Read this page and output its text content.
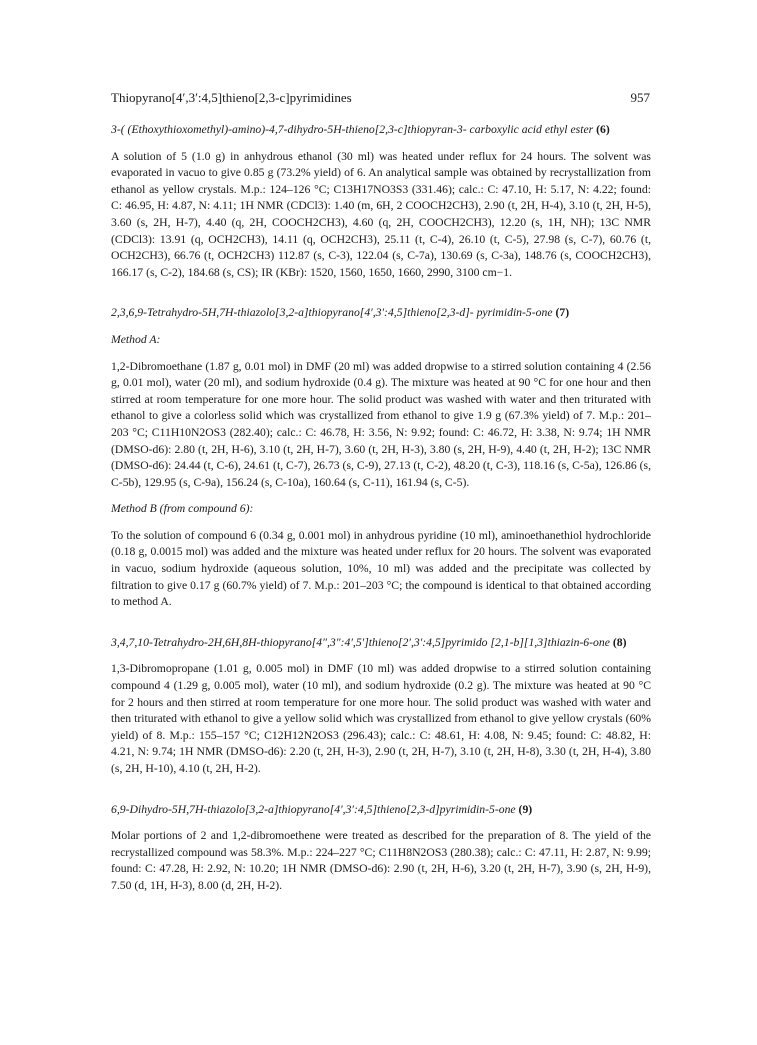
Thiopyrano[4′,3′:4,5]thieno[2,3-c]pyrimidines	957

3-( (Ethoxythioxomethyl)-amino)-4,7-dihydro-5H-thieno[2,3-c]thiopyran-3- carboxylic acid ethyl ester (6)

A solution of 5 (1.0 g) in anhydrous ethanol (30 ml) was heated under reflux for 24 hours. The solvent was evaporated in vacuo to give 0.85 g (73.2% yield) of 6. An analytical sample was obtained by recrystallization from ethanol as yellow crystals. M.p.: 124–126 °C; C13H17NO3S3 (331.46); calc.: C: 47.10, H: 5.17, N: 4.22; found: C: 46.95, H: 4.87, N: 4.11; 1H NMR (CDCl3): 1.40 (m, 6H, 2 COOCH2CH3), 2.90 (t, 2H, H-4), 3.10 (t, 2H, H-5), 3.60 (s, 2H, H-7), 4.40 (q, 2H, COOCH2CH3), 4.60 (q, 2H, COOCH2CH3), 12.20 (s, 1H, NH); 13C NMR (CDCl3): 13.91 (q, OCH2CH3), 14.11 (q, OCH2CH3), 25.11 (t, C-4), 26.10 (t, C-5), 27.98 (s, C-7), 60.76 (t, OCH2CH3), 66.76 (t, OCH2CH3) 112.87 (s, C-3), 122.04 (s, C-7a), 130.69 (s, C-3a), 148.76 (s, COOCH2CH3), 166.17 (s, C-2), 184.68 (s, CS); IR (KBr): 1520, 1560, 1650, 1660, 2990, 3100 cm−1.

2,3,6,9-Tetrahydro-5H,7H-thiazolo[3,2-a]thiopyrano[4′,3′:4,5]thieno[2,3-d]- pyrimidin-5-one (7)

Method A:

1,2-Dibromoethane (1.87 g, 0.01 mol) in DMF (20 ml) was added dropwise to a stirred solution containing 4 (2.56 g, 0.01 mol), water (20 ml), and sodium hydroxide (0.4 g). The mixture was heated at 90 °C for one hour and then stirred at room temperature for one more hour. The solid product was washed with water and then triturated with ethanol to give a colorless solid which was crystallized from ethanol to give 1.9 g (67.3% yield) of 7. M.p.: 201–203 °C; C11H10N2OS3 (282.40); calc.: C: 46.78, H: 3.56, N: 9.92; found: C: 46.72, H: 3.38, N: 9.74; 1H NMR (DMSO-d6): 2.80 (t, 2H, H-6), 3.10 (t, 2H, H-7), 3.60 (t, 2H, H-3), 3.80 (s, 2H, H-9), 4.40 (t, 2H, H-2); 13C NMR (DMSO-d6): 24.44 (t, C-6), 24.61 (t, C-7), 26.73 (s, C-9), 27.13 (t, C-2), 48.20 (t, C-3), 118.16 (s, C-5a), 126.86 (s, C-5b), 129.95 (s, C-9a), 156.24 (s, C-10a), 160.64 (s, C-11), 161.94 (s, C-5).

Method B (from compound 6):

To the solution of compound 6 (0.34 g, 0.001 mol) in anhydrous pyridine (10 ml), aminoethanethiol hydrochloride (0.18 g, 0.0015 mol) was added and the mixture was heated under reflux for 20 hours. The solvent was evaporated in vacuo, sodium hydroxide (aqueous solution, 10%, 10 ml) was added and the precipitate was collected by filtration to give 0.17 g (60.7% yield) of 7. M.p.: 201–203 °C; the compound is identical to that obtained according to method A.

3,4,7,10-Tetrahydro-2H,6H,8H-thiopyrano[4″,3″:4′,5′]thieno[2′,3′:4,5]pyrimido [2,1-b][1,3]thiazin-6-one (8)

1,3-Dibromopropane (1.01 g, 0.005 mol) in DMF (10 ml) was added dropwise to a stirred solution containing compound 4 (1.29 g, 0.005 mol), water (10 ml), and sodium hydroxide (0.2 g). The mixture was heated at 90 °C for 2 hours and then stirred at room temperature for one more hour. The solid product was washed with water and then triturated with ethanol to give a yellow solid which was crystallized from ethanol to give yellow crystals (60% yield) of 8. M.p.: 155–157 °C; C12H12N2OS3 (296.43); calc.: C: 48.61, H: 4.08, N: 9.45; found: C: 48.82, H: 4.21, N: 9.74; 1H NMR (DMSO-d6): 2.20 (t, 2H, H-3), 2.90 (t, 2H, H-7), 3.10 (t, 2H, H-8), 3.30 (t, 2H, H-4), 3.80 (s, 2H, H-10), 4.10 (t, 2H, H-2).

6,9-Dihydro-5H,7H-thiazolo[3,2-a]thiopyrano[4′,3′:4,5]thieno[2,3-d]pyrimidin-5-one (9)

Molar portions of 2 and 1,2-dibromoethene were treated as described for the preparation of 8. The yield of the recrystallized compound was 58.3%. M.p.: 224–227 °C; C11H8N2OS3 (280.38); calc.: C: 47.11, H: 2.87, N: 9.99; found: C: 47.28, H: 2.92, N: 10.20; 1H NMR (DMSO-d6): 2.90 (t, 2H, H-6), 3.20 (t, 2H, H-7), 3.90 (s, 2H, H-9), 7.50 (d, 1H, H-3), 8.00 (d, 2H, H-2).
